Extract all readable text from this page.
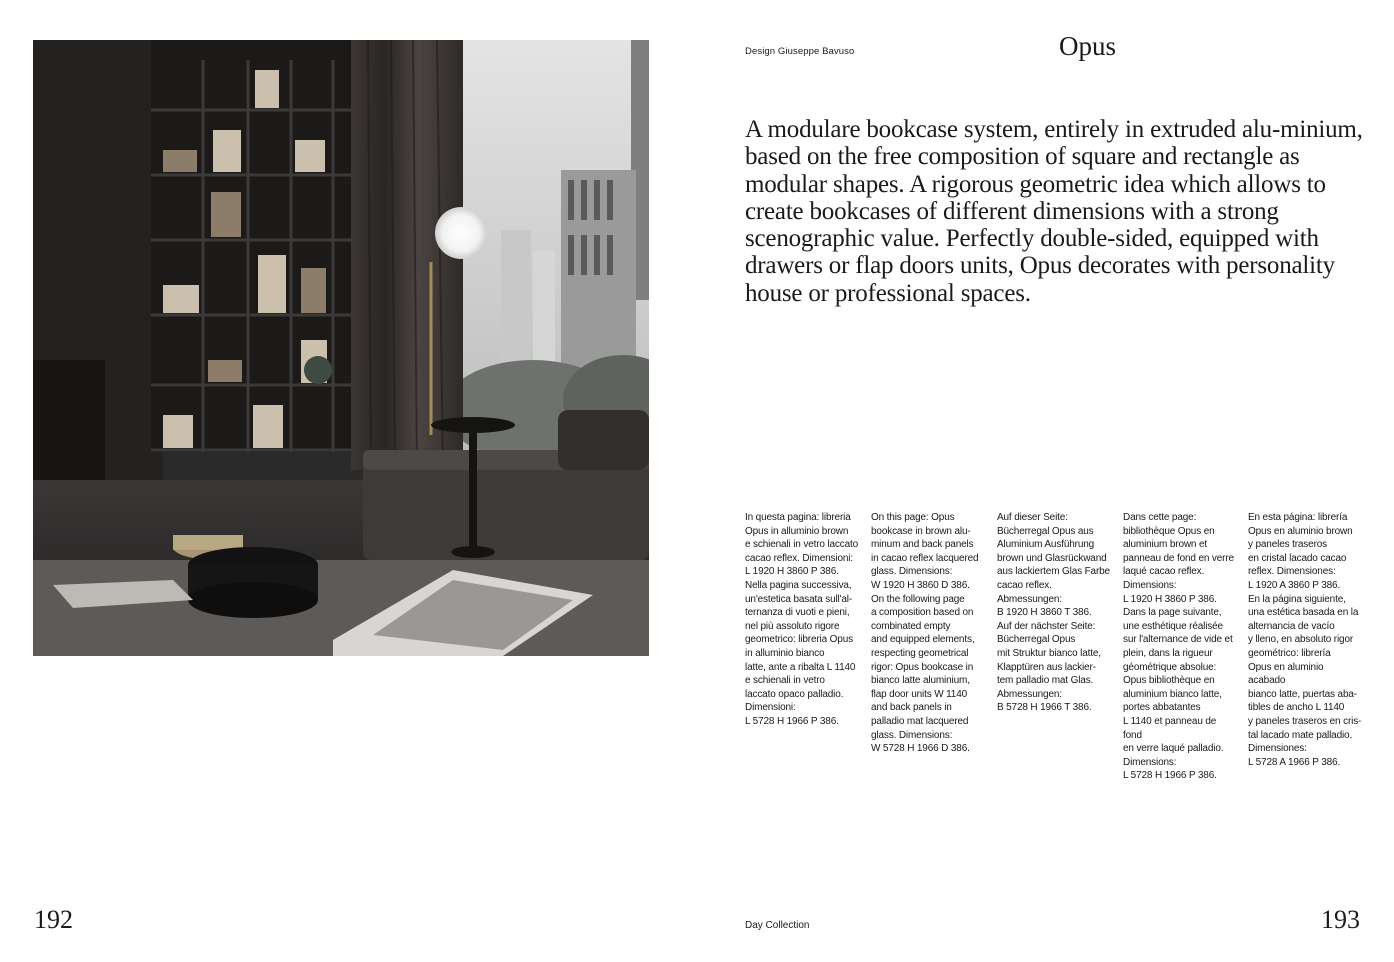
Design Giuseppe Bavuso	Opus

A modulare bookcase system, entirely in extruded alu-minium, based on the free composition of square and rectangle as modular shapes. A rigorous geometric idea which allows to create bookcases of different dimensions with a strong scenographic value. Perfectly double-sided, equipped with drawers or flap doors units, Opus decorates with personality house or professional spaces.

In questa pagina: libreria
Opus in alluminio brown
e schienali in vetro laccato
cacao reflex. Dimensioni:
L 1920 H 3860 P 386.
Nella pagina successiva,
un'estetica basata sull'al-
ternanza di vuoti e pieni,
nel più assoluto rigore
geometrico: libreria Opus
in alluminio bianco
latte, ante a ribalta L 1140
e schienali in vetro
laccato opaco palladio.
Dimensioni:
L 5728 H 1966 P 386.

On this page: Opus
bookcase in brown alu-
minum and back panels
in cacao reflex lacquered
glass. Dimensions:
W 1920 H 3860 D 386.
On the following page
a composition based on
combinated empty
and equipped elements,
respecting geometrical
rigor: Opus bookcase in
bianco latte aluminium,
flap door units W 1140
and back panels in
palladio mat lacquered
glass. Dimensions:
W 5728 H 1966 D 386.

Auf dieser Seite:
Bücherregal Opus aus
Aluminium Ausführung
brown und Glasrückwand
aus lackiertem Glas Farbe
cacao reflex. Abmessungen:
B 1920 H 3860 T 386.
Auf der nächster Seite:
Bücherregal Opus
mit Struktur bianco latte,
Klapptüren aus lackier-
tem palladio mat Glas.
Abmessungen:
B 5728 H 1966 T 386.

Dans cette page:
bibliothèque Opus en
aluminium brown et
panneau de fond en verre
laqué cacao reflex.
Dimensions:
L 1920 H 3860 P 386.
Dans la page suivante,
une esthétique réalisée
sur l'alternance de vide et
plein, dans la rigueur
géométrique absolue:
Opus bibliothèque en
aluminium bianco latte,
portes abbatantes
L 1140 et panneau de fond
en verre laqué palladio.
Dimensions:
L 5728 H 1966 P 386.

En esta página: librería
Opus en aluminio brown
y paneles traseros
en cristal lacado cacao
reflex. Dimensiones:
L 1920 A 3860 P 386.
En la página siguiente,
una estética basada en la
alternancia de vacío
y lleno, en absoluto rigor
geométrico: librería
Opus en aluminio acabado
bianco latte, puertas aba-
tibles de ancho L 1140
y paneles traseros en cris-
tal lacado mate palladio.
Dimensiones:
L 5728 A 1966 P 386.

192	Day Collection	193
